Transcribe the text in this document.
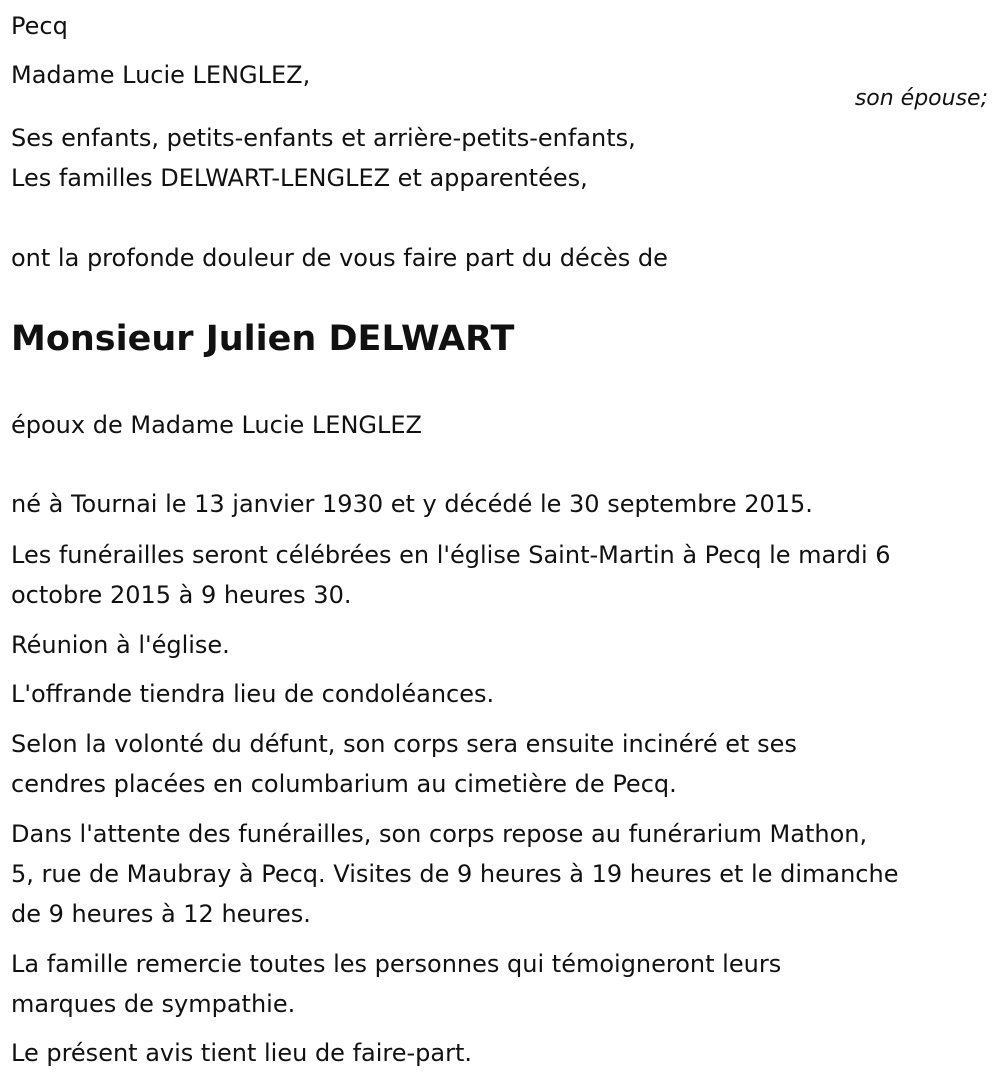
Pecq

Madame Lucie LENGLEZ,

son épouse;

Ses enfants, petits-enfants et arrière-petits-enfants,

Les familles DELWART-LENGLEZ et apparentées,

ont la profonde douleur de vous faire part du décès de

Monsieur Julien DELWART

époux de Madame Lucie LENGLEZ

né à Tournai le 13 janvier 1930 et y décédé le 30 septembre 2015.

Les funérailles seront célébrées en l'église Saint-Martin à Pecq le mardi 6

octobre 2015 à 9 heures 30.

Réunion à l'église.

L'offrande tiendra lieu de condoléances.

Selon la volonté du défunt, son corps sera ensuite inciné​ré et ses

cendres placées en columbarium au cimetière de Pecq.

Dans l'attente des funérailles, son corps repose au funérarium Mathon,

5, rue de Maubray à Pecq. Visites de 9 heures à 19 heures et le dimanche

de 9 heures à 12 heures.

La famille remercie toutes les personnes qui témoigneront leurs

marques de sympathie.

Le présent avis tient lieu de faire-part.
